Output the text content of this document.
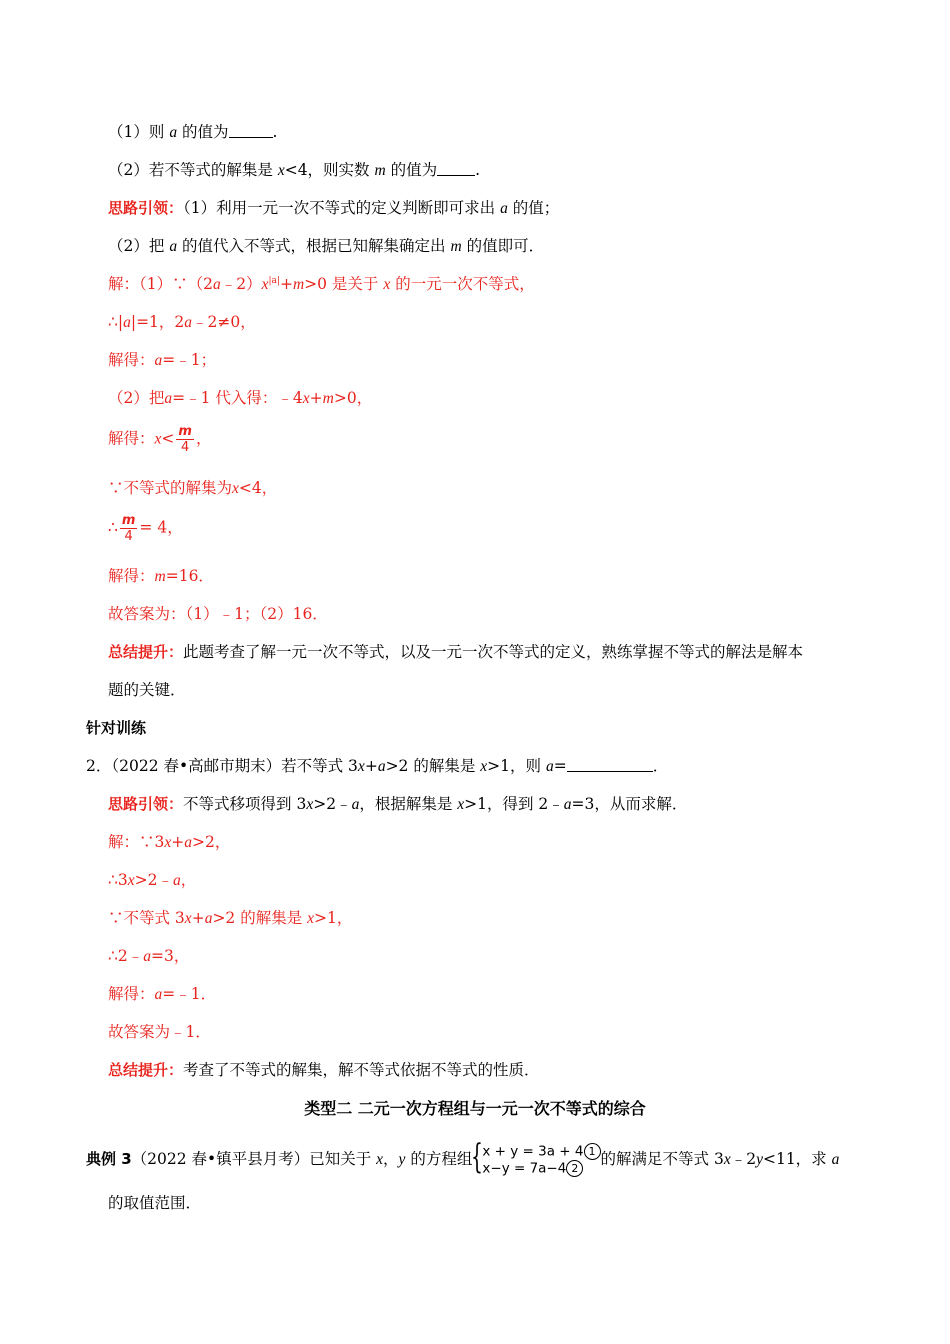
（1）则 a 的值为	.
（2）若不等式的解集是 x<4，则实数 m 的值为 .
思路引领：（1）利用一元一次不等式的定义判断即可求出 a 的值；
（2）把 a 的值代入不等式，根据已知解集确定出 m 的值即可．
解：$(1)\because(2a﹣2)x^{|a|}+m>0$ 是关于 x 的一元一次不等式，
∴|a|=1，2a﹣2≠0，
解得：a=﹣1；
（2）把a=﹣1 代入得：﹣4x+m>0，
解得：$x< \frac{m}{4}$ ，
∵不等式的解集为x<4，
∴ $\frac{m}{4} = 4$，
解得：m=16．
故答案为：（1）﹣1；（2）16．
总结提升：此题考查了解一元一次不等式，以及一元一次不等式的定义，熟练掌握不等式的解法是解本
题的关键．
针对训练
2．（2022 春•高邮市期末）若不等式 3x+a>2 的解集是 x>1，则 a=	．
思路引领：不等式移项得到 3x>2﹣a，根据解集是 x>1，得到 2﹣a=3，从而求解．
解：∵3x+a>2，
∴3x>2﹣a，
∵不等式 3x+a>2 的解集是 x>1，
∴2﹣a=3，
解得：a=﹣1．
故答案为﹣1．
总结提升：考查了不等式的解集，解不等式依据不等式的性质．
类型二 二元一次方程组与一元一次不等式的综合
典例 3（2022 春•镇平县月考）已知关于 x，y 的方程组 { x + y = 3a + 4 1
x−y = 7a−4 2
的解满足不等式 3x﹣2y<11，求 a
的取值范围．
